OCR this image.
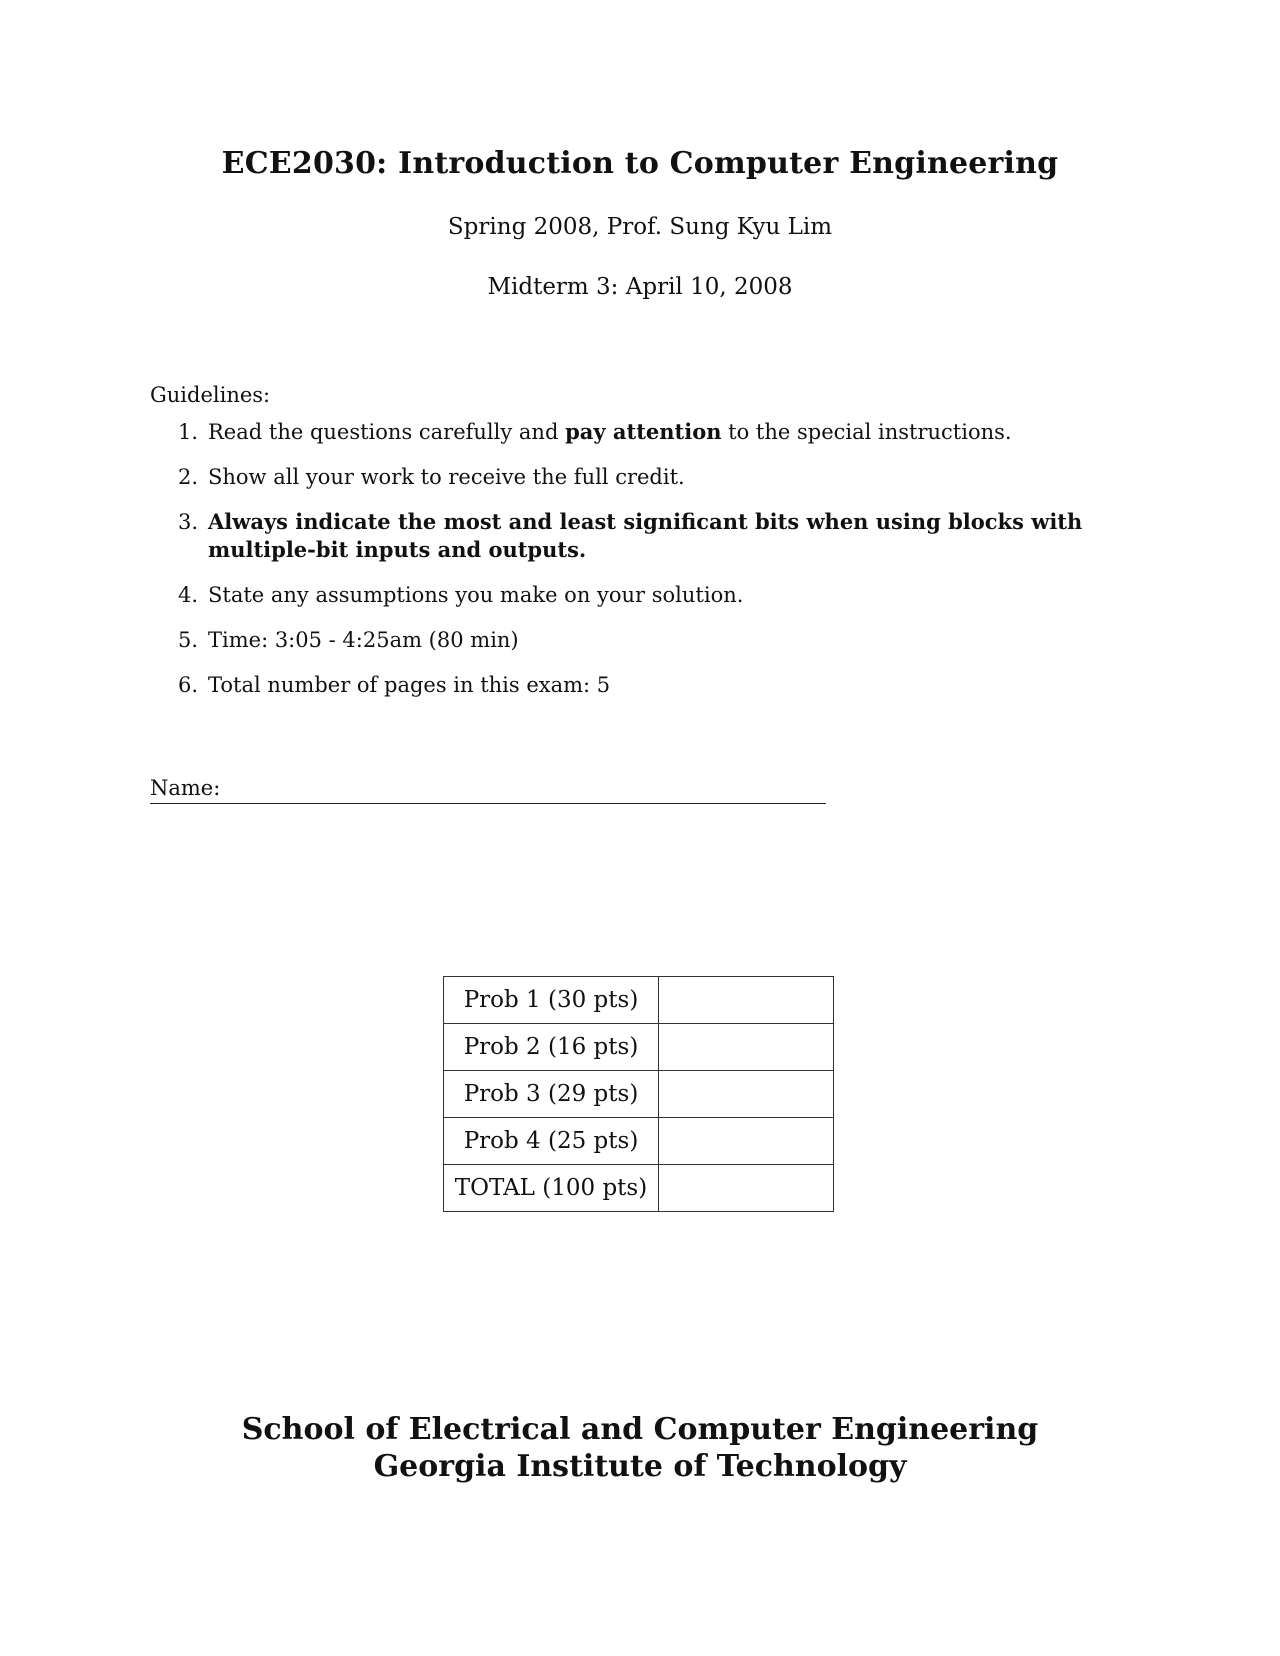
ECE2030: Introduction to Computer Engineering
Spring 2008, Prof. Sung Kyu Lim
Midterm 3: April 10, 2008
Guidelines:
1. Read the questions carefully and pay attention to the special instructions.
2. Show all your work to receive the full credit.
3. Always indicate the most and least significant bits when using blocks with multiple-bit inputs and outputs.
4. State any assumptions you make on your solution.
5. Time: 3:05 - 4:25am (80 min)
6. Total number of pages in this exam: 5
Name:
Prob 1 (30 pts)	
Prob 2 (16 pts)	
Prob 3 (29 pts)	
Prob 4 (25 pts)	
TOTAL (100 pts)	
School of Electrical and Computer Engineering
Georgia Institute of Technology
